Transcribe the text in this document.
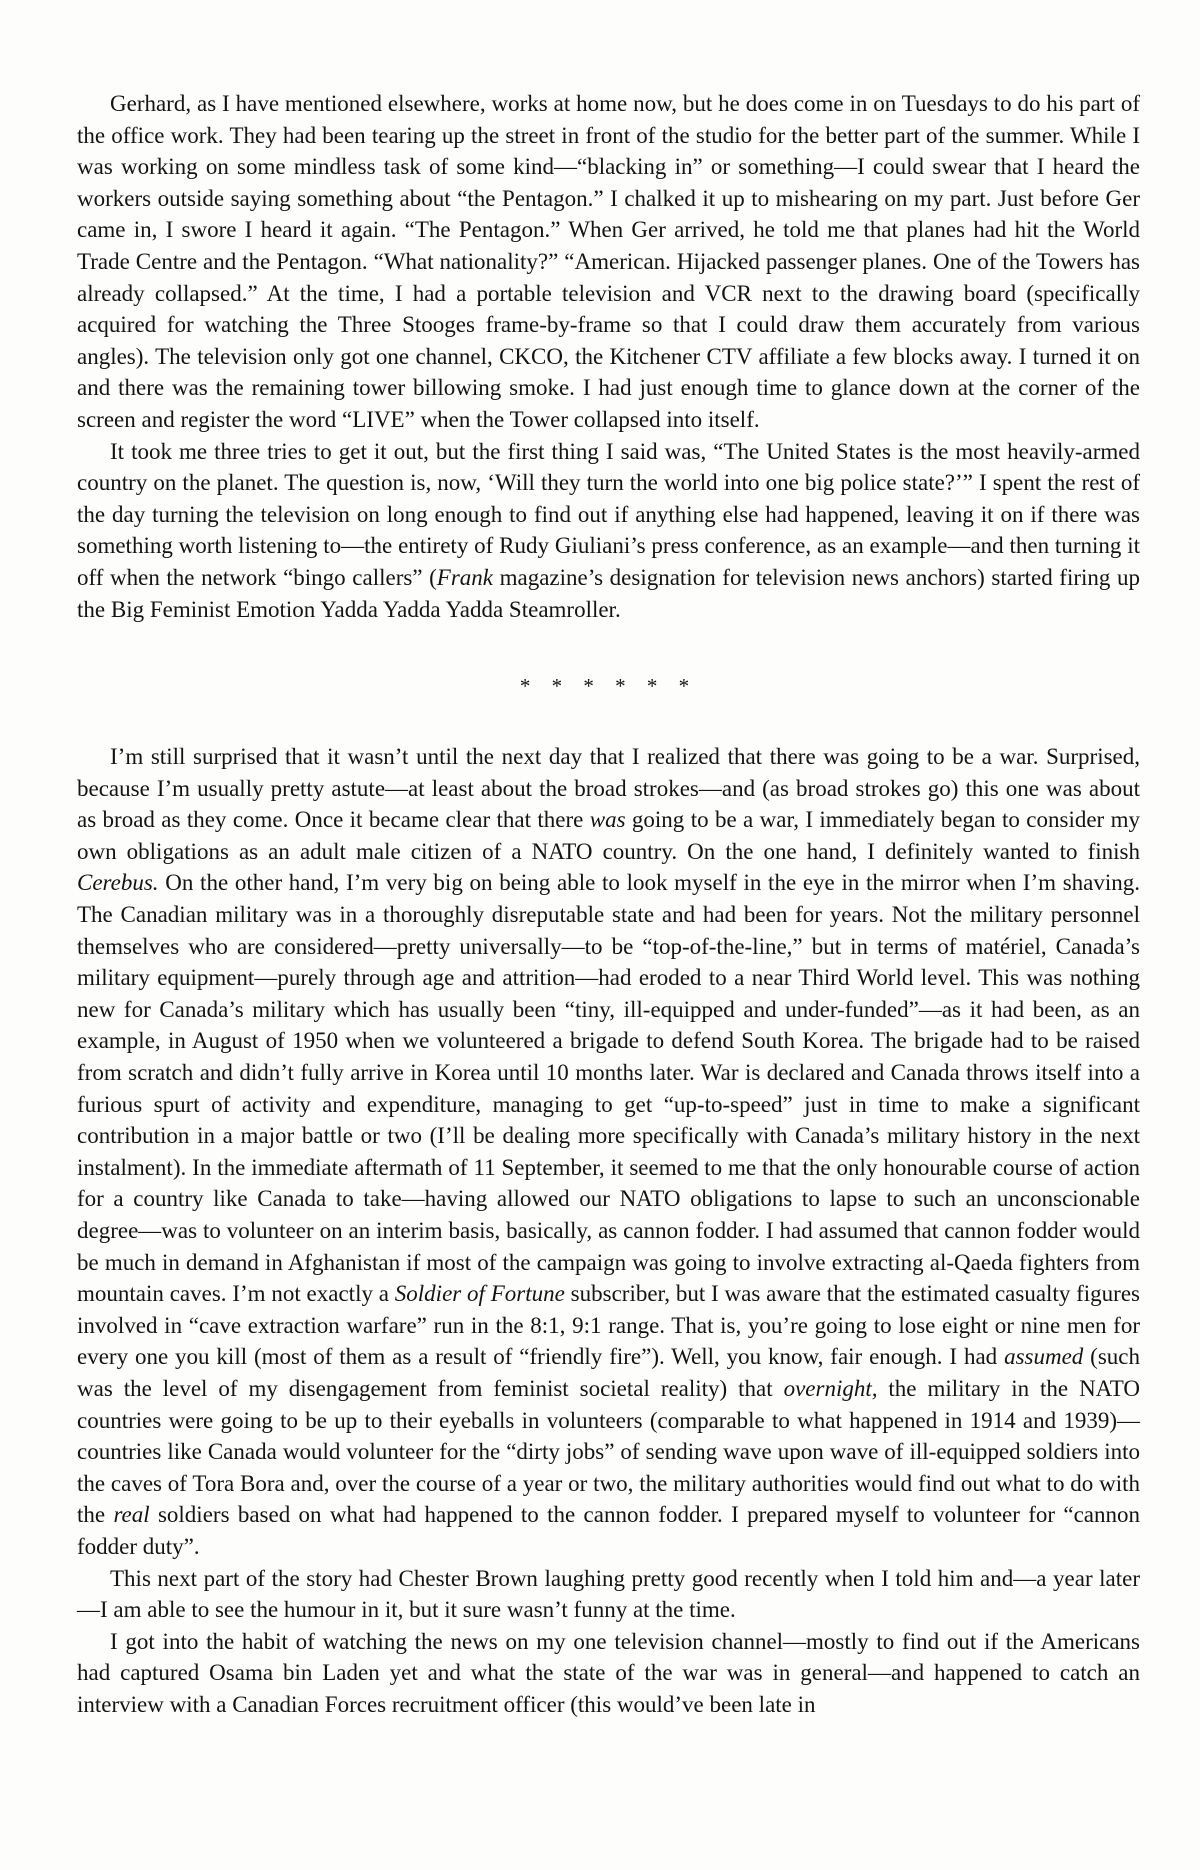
Gerhard, as I have mentioned elsewhere, works at home now, but he does come in on Tuesdays to do his part of the office work. They had been tearing up the street in front of the studio for the better part of the summer. While I was working on some mindless task of some kind—“blacking in” or something—I could swear that I heard the workers outside saying something about “the Pentagon.” I chalked it up to mishearing on my part. Just before Ger came in, I swore I heard it again. “The Pentagon.” When Ger arrived, he told me that planes had hit the World Trade Centre and the Pentagon. “What nationality?” “American. Hijacked passenger planes. One of the Towers has already collapsed.” At the time, I had a portable television and VCR next to the drawing board (specifically acquired for watching the Three Stooges frame-by-frame so that I could draw them accurately from various angles). The television only got one channel, CKCO, the Kitchener CTV affiliate a few blocks away. I turned it on and there was the remaining tower billowing smoke. I had just enough time to glance down at the corner of the screen and register the word “LIVE” when the Tower collapsed into itself.

It took me three tries to get it out, but the first thing I said was, “The United States is the most heavily-armed country on the planet. The question is, now, ‘Will they turn the world into one big police state?’” I spent the rest of the day turning the television on long enough to find out if anything else had happened, leaving it on if there was something worth listening to—the entirety of Rudy Giuliani’s press conference, as an example—and then turning it off when the network “bingo callers” (Frank magazine’s designation for television news anchors) started firing up the Big Feminist Emotion Yadda Yadda Yadda Steamroller.

* * * * * *

I’m still surprised that it wasn’t until the next day that I realized that there was going to be a war. Surprised, because I’m usually pretty astute—at least about the broad strokes—and (as broad strokes go) this one was about as broad as they come. Once it became clear that there was going to be a war, I immediately began to consider my own obligations as an adult male citizen of a NATO country. On the one hand, I definitely wanted to finish Cerebus. On the other hand, I’m very big on being able to look myself in the eye in the mirror when I’m shaving. The Canadian military was in a thoroughly disreputable state and had been for years. Not the military personnel themselves who are considered—pretty universally—to be “top-of-the-line,” but in terms of matériel, Canada’s military equipment—purely through age and attrition—had eroded to a near Third World level. This was nothing new for Canada’s military which has usually been “tiny, ill-equipped and under-funded”—as it had been, as an example, in August of 1950 when we volunteered a brigade to defend South Korea. The brigade had to be raised from scratch and didn’t fully arrive in Korea until 10 months later. War is declared and Canada throws itself into a furious spurt of activity and expenditure, managing to get “up-to-speed” just in time to make a significant contribution in a major battle or two (I’ll be dealing more specifically with Canada’s military history in the next instalment). In the immediate aftermath of 11 September, it seemed to me that the only honourable course of action for a country like Canada to take—having allowed our NATO obligations to lapse to such an unconscionable degree—was to volunteer on an interim basis, basically, as cannon fodder. I had assumed that cannon fodder would be much in demand in Afghanistan if most of the campaign was going to involve extracting al-Qaeda fighters from mountain caves. I’m not exactly a Soldier of Fortune subscriber, but I was aware that the estimated casualty figures involved in “cave extraction warfare” run in the 8:1, 9:1 range. That is, you’re going to lose eight or nine men for every one you kill (most of them as a result of “friendly fire”). Well, you know, fair enough. I had assumed (such was the level of my disengagement from feminist societal reality) that overnight, the military in the NATO countries were going to be up to their eyeballs in volunteers (comparable to what happened in 1914 and 1939)—countries like Canada would volunteer for the “dirty jobs” of sending wave upon wave of ill-equipped soldiers into the caves of Tora Bora and, over the course of a year or two, the military authorities would find out what to do with the real soldiers based on what had happened to the cannon fodder. I prepared myself to volunteer for “cannon fodder duty”.

This next part of the story had Chester Brown laughing pretty good recently when I told him and—a year later—I am able to see the humour in it, but it sure wasn’t funny at the time.

I got into the habit of watching the news on my one television channel—mostly to find out if the Americans had captured Osama bin Laden yet and what the state of the war was in general—and happened to catch an interview with a Canadian Forces recruitment officer (this would’ve been late in
